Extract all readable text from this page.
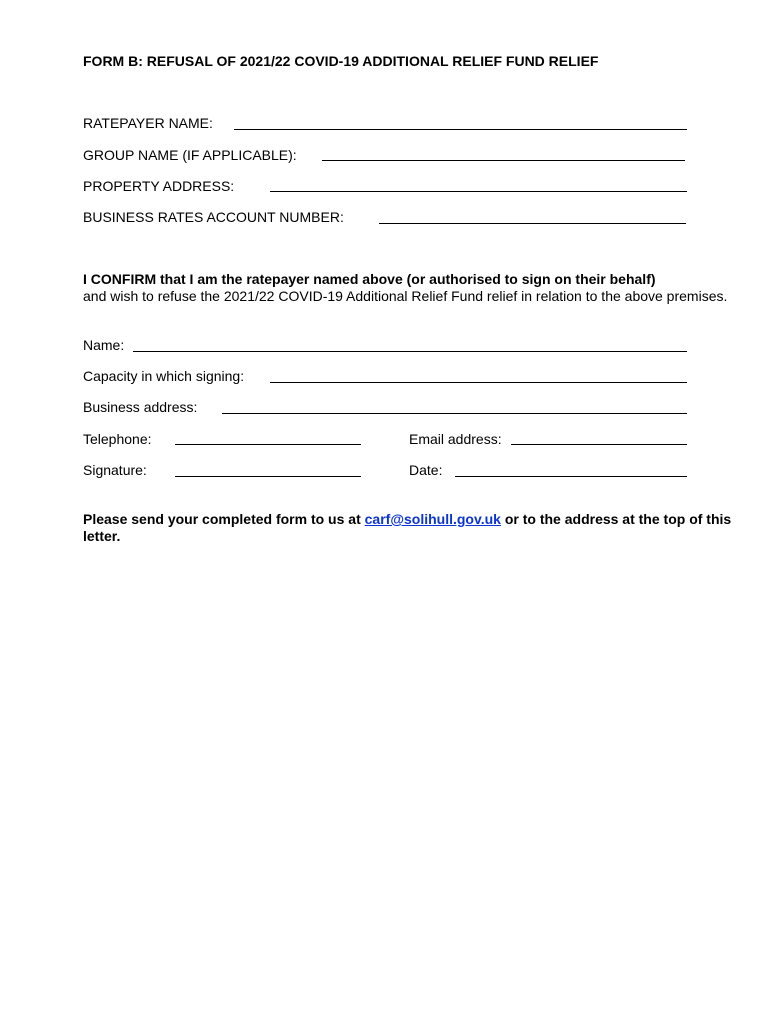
FORM B: REFUSAL OF 2021/22 COVID-19 ADDITIONAL RELIEF FUND RELIEF
RATEPAYER NAME:
GROUP NAME (IF APPLICABLE):
PROPERTY ADDRESS:
BUSINESS RATES ACCOUNT NUMBER:
I CONFIRM that I am the ratepayer named above (or authorised to sign on their behalf)
and wish to refuse the 2021/22 COVID-19 Additional Relief Fund relief in relation to the above premises.
Name:
Capacity in which signing:
Business address:
Telephone:	Email address:
Signature:	Date:
Please send your completed form to us at carf@solihull.gov.uk or to the address at the top of this letter.
